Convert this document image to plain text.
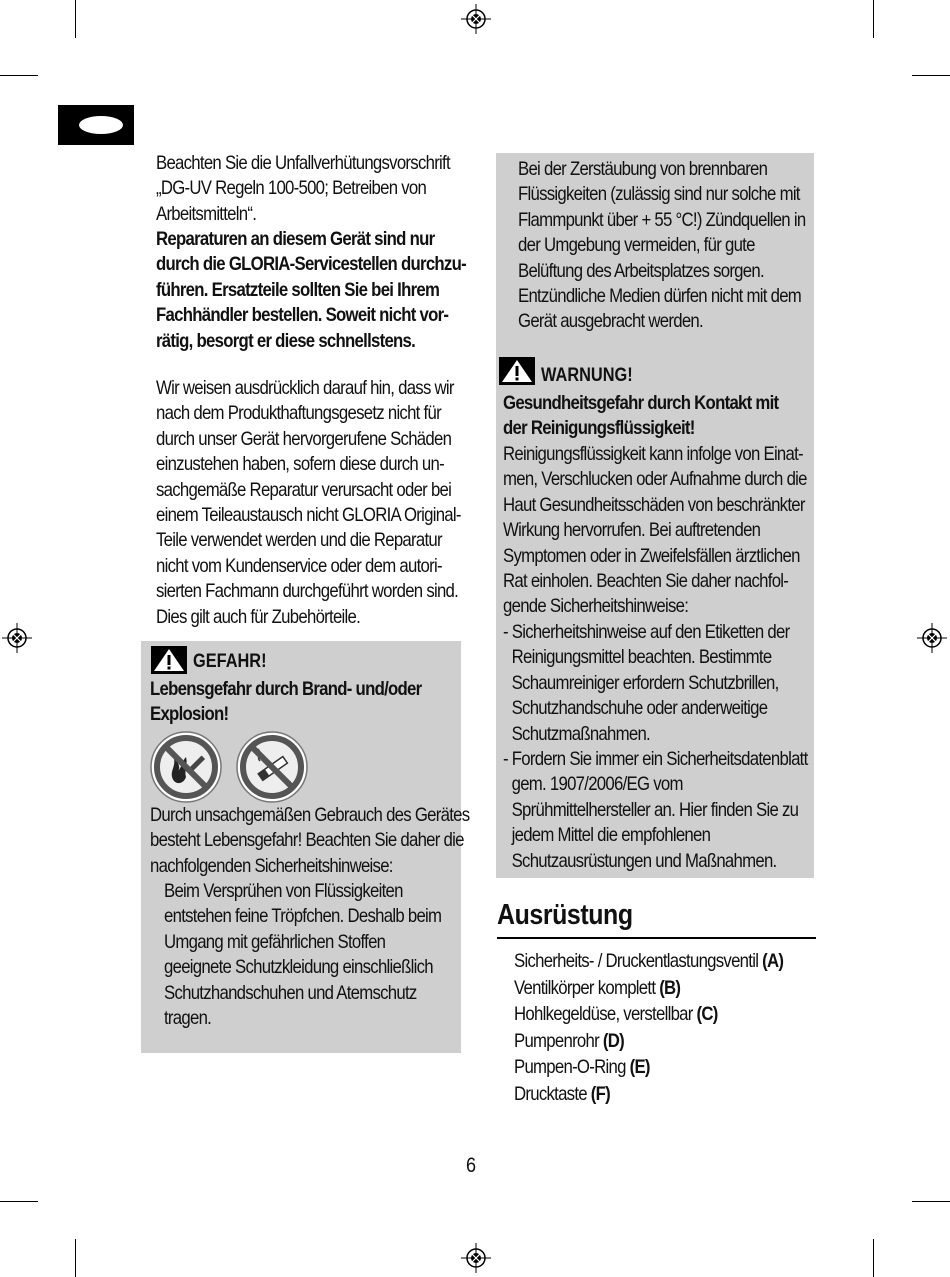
Beachten Sie die Unfallverhütungsvorschrift
„DG-UV Regeln 100-500; Betreiben von
Arbeitsmitteln“.
Reparaturen an diesem Gerät sind nur
durch die GLORIA-Servicestellen durchzu-
führen. Ersatzteile sollten Sie bei Ihrem
Fachhändler bestellen. Soweit nicht vor-
rätig, besorgt er diese schnellstens.
Wir weisen ausdrücklich darauf hin, dass wir
nach dem Produkthaftungsgesetz nicht für
durch unser Gerät hervorgerufene Schäden
einzustehen haben, sofern diese durch un-
sachgemäße Reparatur verursacht oder bei
einem Teileaustausch nicht GLORIA Original-
Teile verwendet werden und die Reparatur
nicht vom Kundenservice oder dem autori-
sierten Fachmann durchgeführt worden sind.
Dies gilt auch für Zubehörteile.
GEFAHR!
Lebensgefahr durch Brand- und/oder
Explosion!
Durch unsachgemäßen Gebrauch des Gerätes
besteht Lebensgefahr! Beachten Sie daher die
nachfolgenden Sicherheitshinweise:
Beim Versprühen von Flüssigkeiten
entstehen feine Tröpfchen. Deshalb beim
Umgang mit gefährlichen Stoffen
geeignete Schutzkleidung einschließlich
Schutzhandschuhen und Atemschutz
tragen.
Bei der Zerstäubung von brennbaren
Flüssigkeiten (zulässig sind nur solche mit
Flammpunkt über + 55 °C!) Zündquellen in
der Umgebung vermeiden, für gute
Belüftung des Arbeitsplatzes sorgen.
Entzündliche Medien dürfen nicht mit dem
Gerät ausgebracht werden.
WARNUNG!
Gesundheitsgefahr durch Kontakt mit
der Reinigungsflüssigkeit!
Reinigungsflüssigkeit kann infolge von Einat-
men, Verschlucken oder Aufnahme durch die
Haut Gesundheitsschäden von beschränkter
Wirkung hervorrufen. Bei auftretenden
Symptomen oder in Zweifelsfällen ärztlichen
Rat einholen. Beachten Sie daher nachfol-
gende Sicherheitshinweise:
- Sicherheitshinweise auf den Etiketten der
Reinigungsmittel beachten. Bestimmte
Schaumreiniger erfordern Schutzbrillen,
Schutzhandschuhe oder anderweitige
Schutzmaßnahmen.
- Fordern Sie immer ein Sicherheitsdatenblatt
gem. 1907/2006/EG vom
Sprühmittelhersteller an. Hier finden Sie zu
jedem Mittel die empfohlenen
Schutzausrüstungen und Maßnahmen.
Ausrüstung
Sicherheits- / Druckentlastungsventil (A)
Ventilkörper komplett (B)
Hohlkegeldüse, verstellbar (C)
Pumpenrohr (D)
Pumpen-O-Ring (E)
Drucktaste (F)
6
